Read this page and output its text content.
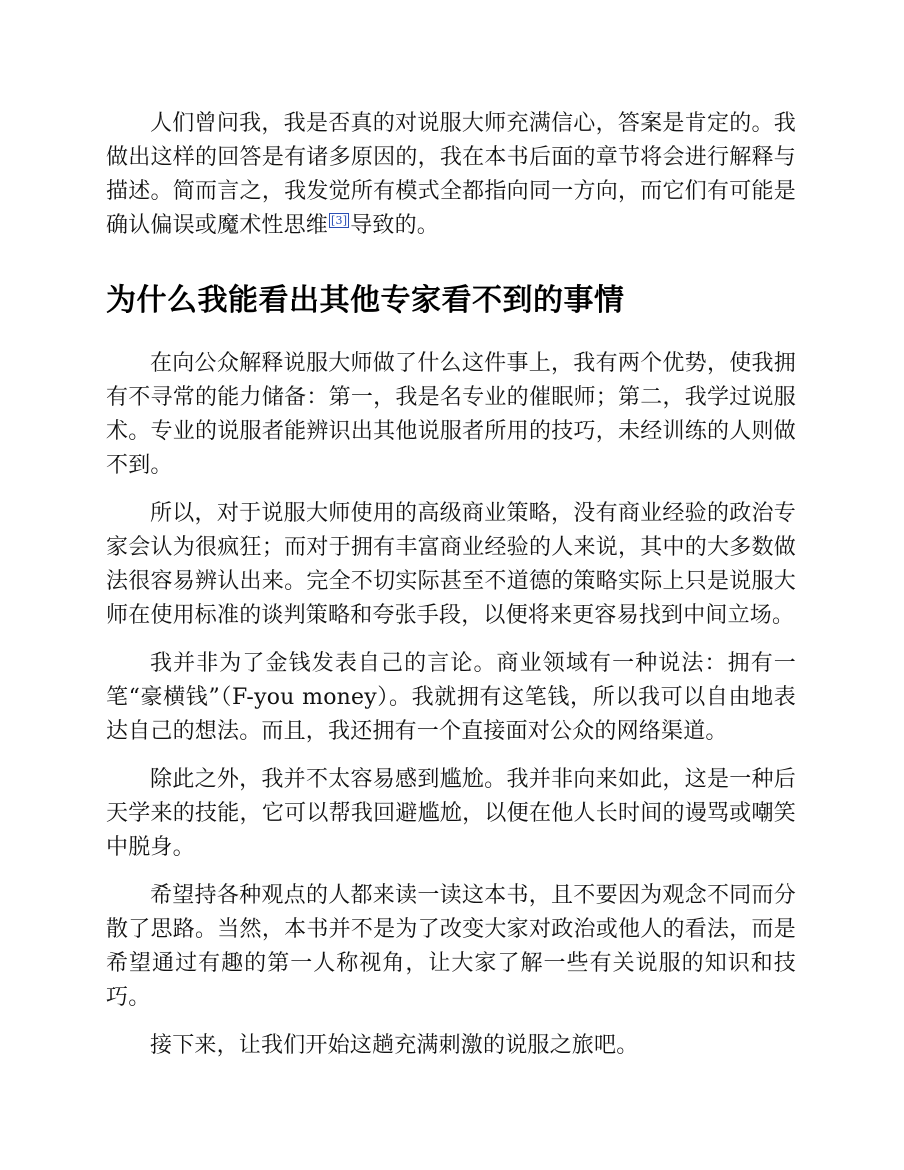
人们曾问我，我是否真的对说服大师充满信心，答案是肯定的。我做出这样的回答是有诸多原因的，我在本书后面的章节将会进行解释与描述。简而言之，我发觉所有模式全都指向同一方向，而它们有可能是确认偏误或魔术性思维 [3] 导致的。

为什么我能看出其他专家看不到的事情

在向公众解释说服大师做了什么这件事上，我有两个优势，使我拥有不寻常的能力储备：第一，我是名专业的催眠师；第二，我学过说服术。专业的说服者能辨识出其他说服者所用的技巧，未经训练的人则做不到。

所以，对于说服大师使用的高级商业策略，没有商业经验的政治专家会认为很疯狂；而对于拥有丰富商业经验的人来说，其中的大多数做法很容易辨认出来。完全不切实际甚至不道德的策略实际上只是说服大师在使用标准的谈判策略和夸张手段，以便将来更容易找到中间立场。

我并非为了金钱发表自己的言论。商业领域有一种说法：拥有一笔“豪横钱”（F-you money）。我就拥有这笔钱，所以我可以自由地表达自己的想法。而且，我还拥有一个直接面对公众的网络渠道。

除此之外，我并不太容易感到尴尬。我并非向来如此，这是一种后天学来的技能，它可以帮我回避尴尬，以便在他人长时间的谩骂或嘲笑中脱身。

希望持各种观点的人都来读一读这本书，且不要因为观念不同而分散了思路。当然，本书并不是为了改变大家对政治或他人的看法，而是希望通过有趣的第一人称视角，让大家了解一些有关说服的知识和技巧。

接下来，让我们开始这趟充满刺激的说服之旅吧。
